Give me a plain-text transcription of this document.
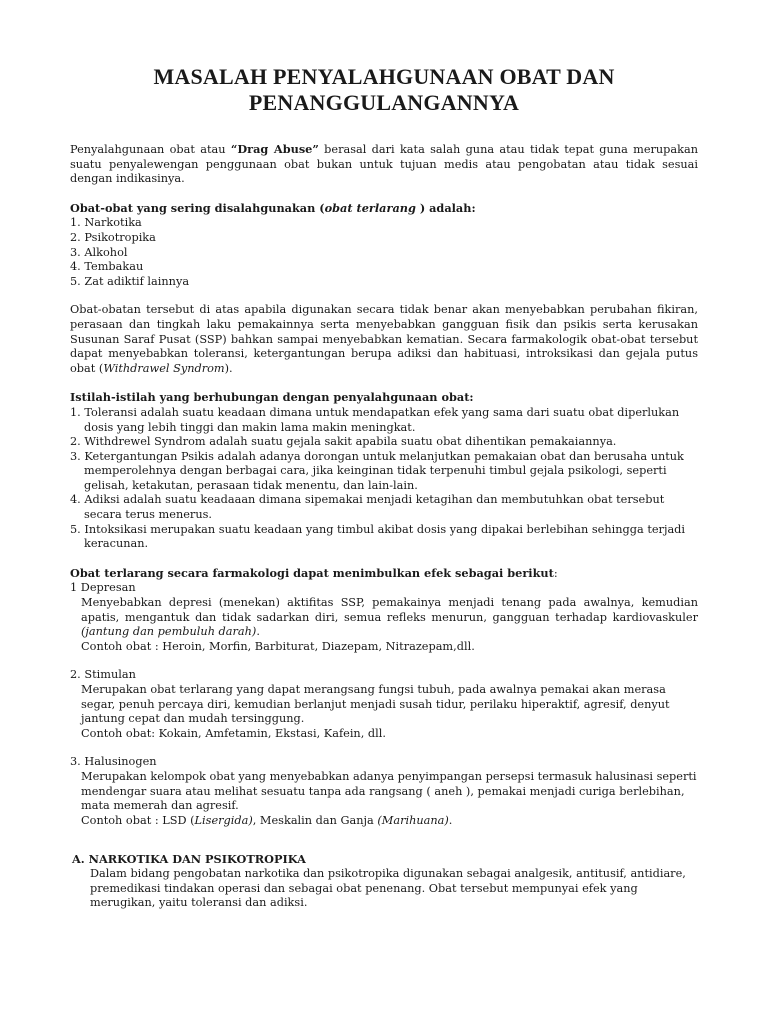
MASALAH PENYALAHGUNAAN OBAT DAN
PENANGGULANGANNYA

Penyalahgunaan obat atau “Drag Abuse” berasal dari kata salah guna atau tidak tepat guna merupakan suatu penyalewengan penggunaan obat bukan untuk tujuan medis atau pengobatan atau tidak sesuai dengan indikasinya.

Obat-obat yang sering disalahgunakan (obat terlarang ) adalah:

1. Narkotika
2. Psikotropika
3. Alkohol
4. Tembakau
5. Zat adiktif lainnya

Obat-obatan tersebut di atas apabila digunakan secara tidak benar akan menyebabkan perubahan fikiran, perasaan dan tingkah laku pemakainnya serta menyebabkan gangguan fisik dan psikis serta kerusakan Susunan Saraf Pusat (SSP) bahkan sampai menyebabkan kematian. Secara farmakologik obat-obat tersebut dapat menyebabkan toleransi, ketergantungan berupa adiksi dan habituasi, introksikasi dan gejala putus obat (Withdrawel Syndrom).

Istilah-istilah yang berhubungan dengan penyalahgunaan obat:

1. Toleransi adalah suatu keadaan dimana untuk mendapatkan efek yang sama dari suatu obat diperlukan dosis yang lebih tinggi dan makin lama makin meningkat.
2. Withdrewel Syndrom adalah suatu gejala sakit apabila suatu obat dihentikan pemakaiannya.
3. Ketergantungan Psikis adalah adanya dorongan untuk melanjutkan pemakaian obat dan berusaha untuk memperolehnya dengan berbagai cara, jika keinginan tidak terpenuhi timbul gejala psikologi, seperti gelisah, ketakutan, perasaan tidak menentu, dan lain-lain.
4. Adiksi adalah suatu keadaaan dimana sipemakai menjadi ketagihan dan membutuhkan obat tersebut secara terus menerus.
5. Intoksikasi merupakan suatu keadaan yang timbul akibat dosis yang dipakai berlebihan sehingga terjadi keracunan.

Obat terlarang secara farmakologi dapat menimbulkan efek sebagai berikut:

1 Depresan

Menyebabkan depresi (menekan) aktifitas SSP, pemakainya menjadi tenang pada awalnya, kemudian apatis, mengantuk dan tidak sadarkan diri, semua refleks menurun, gangguan terhadap kardiovaskuler (jantung dan pembuluh darah).

Contoh obat : Heroin, Morfin, Barbiturat, Diazepam, Nitrazepam,dll.

2. Stimulan

Merupakan obat terlarang yang dapat merangsang fungsi tubuh, pada awalnya pemakai akan merasa segar, penuh percaya diri, kemudian berlanjut menjadi susah tidur, perilaku hiperaktif, agresif, denyut jantung cepat dan mudah tersinggung.

Contoh obat: Kokain, Amfetamin, Ekstasi, Kafein, dll.

3. Halusinogen

Merupakan kelompok obat yang menyebabkan adanya penyimpangan persepsi termasuk halusinasi seperti mendengar suara atau melihat sesuatu tanpa ada rangsang ( aneh ), pemakai menjadi curiga berlebihan, mata memerah dan agresif.

Contoh obat : LSD (Lisergida), Meskalin dan Ganja (Marihuana).

A. NARKOTIKA DAN PSIKOTROPIKA

Dalam bidang pengobatan narkotika dan psikotropika digunakan sebagai analgesik, antitusif, antidiare, premedikasi tindakan operasi dan sebagai obat penenang. Obat tersebut mempunyai efek yang merugikan, yaitu toleransi dan adiksi.
